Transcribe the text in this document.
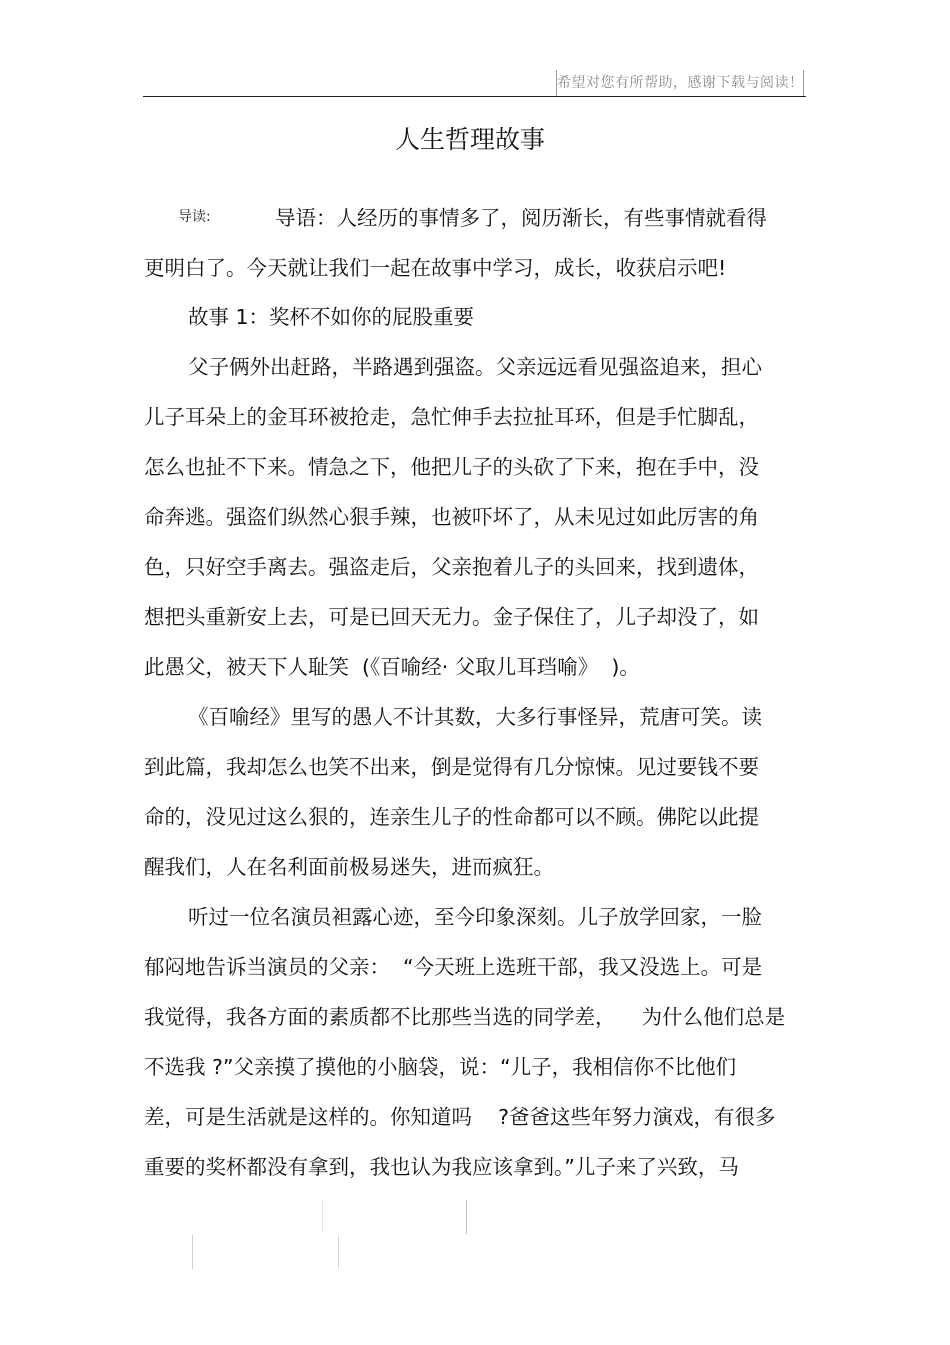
希望对您有所帮助，感谢下载与阅读！
人生哲理故事
导读:	导语：人经历的事情多了，阅历渐长，有些事情就看得
更明白了。今天就让我们一起在故事中学习，成长，收获启示吧!
故事 1：奖杯不如你的屁股重要
父子俩外出赶路，半路遇到强盗。父亲远远看见强盗追来，担心
儿子耳朵上的金耳环被抢走，急忙伸手去拉扯耳环，但是手忙脚乱，
怎么也扯不下来。情急之下，他把儿子的头砍了下来，抱在手中，没
命奔逃。强盗们纵然心狠手辣，也被吓坏了，从未见过如此厉害的角
色，只好空手离去。强盗走后，父亲抱着儿子的头回来，找到遗体，
想把头重新安上去，可是已回天无力。金子保住了，儿子却没了，如
此愚父，被天下人耻笑  (《百喻经· 父取儿耳珰喻》  )。
《百喻经》里写的愚人不计其数，大多行事怪异，荒唐可笑。读
到此篇，我却怎么也笑不出来，倒是觉得有几分惊悚。见过要钱不要
命的，没见过这么狠的，连亲生儿子的性命都可以不顾。佛陀以此提
醒我们，人在名利面前极易迷失，进而疯狂。
听过一位名演员袒露心迹，至今印象深刻。儿子放学回家，一脸
郁闷地告诉当演员的父亲：  “今天班上选班干部，我又没选上。可是
我觉得，我各方面的素质都不比那些当选的同学差，    为什么他们总是
不选我 ?”父亲摸了摸他的小脑袋，说：“儿子，我相信你不比他们
差，可是生活就是这样的。你知道吗    ?爸爸这些年努力演戏，有很多
重要的奖杯都没有拿到，我也认为我应该拿到。”儿子来了兴致，马
